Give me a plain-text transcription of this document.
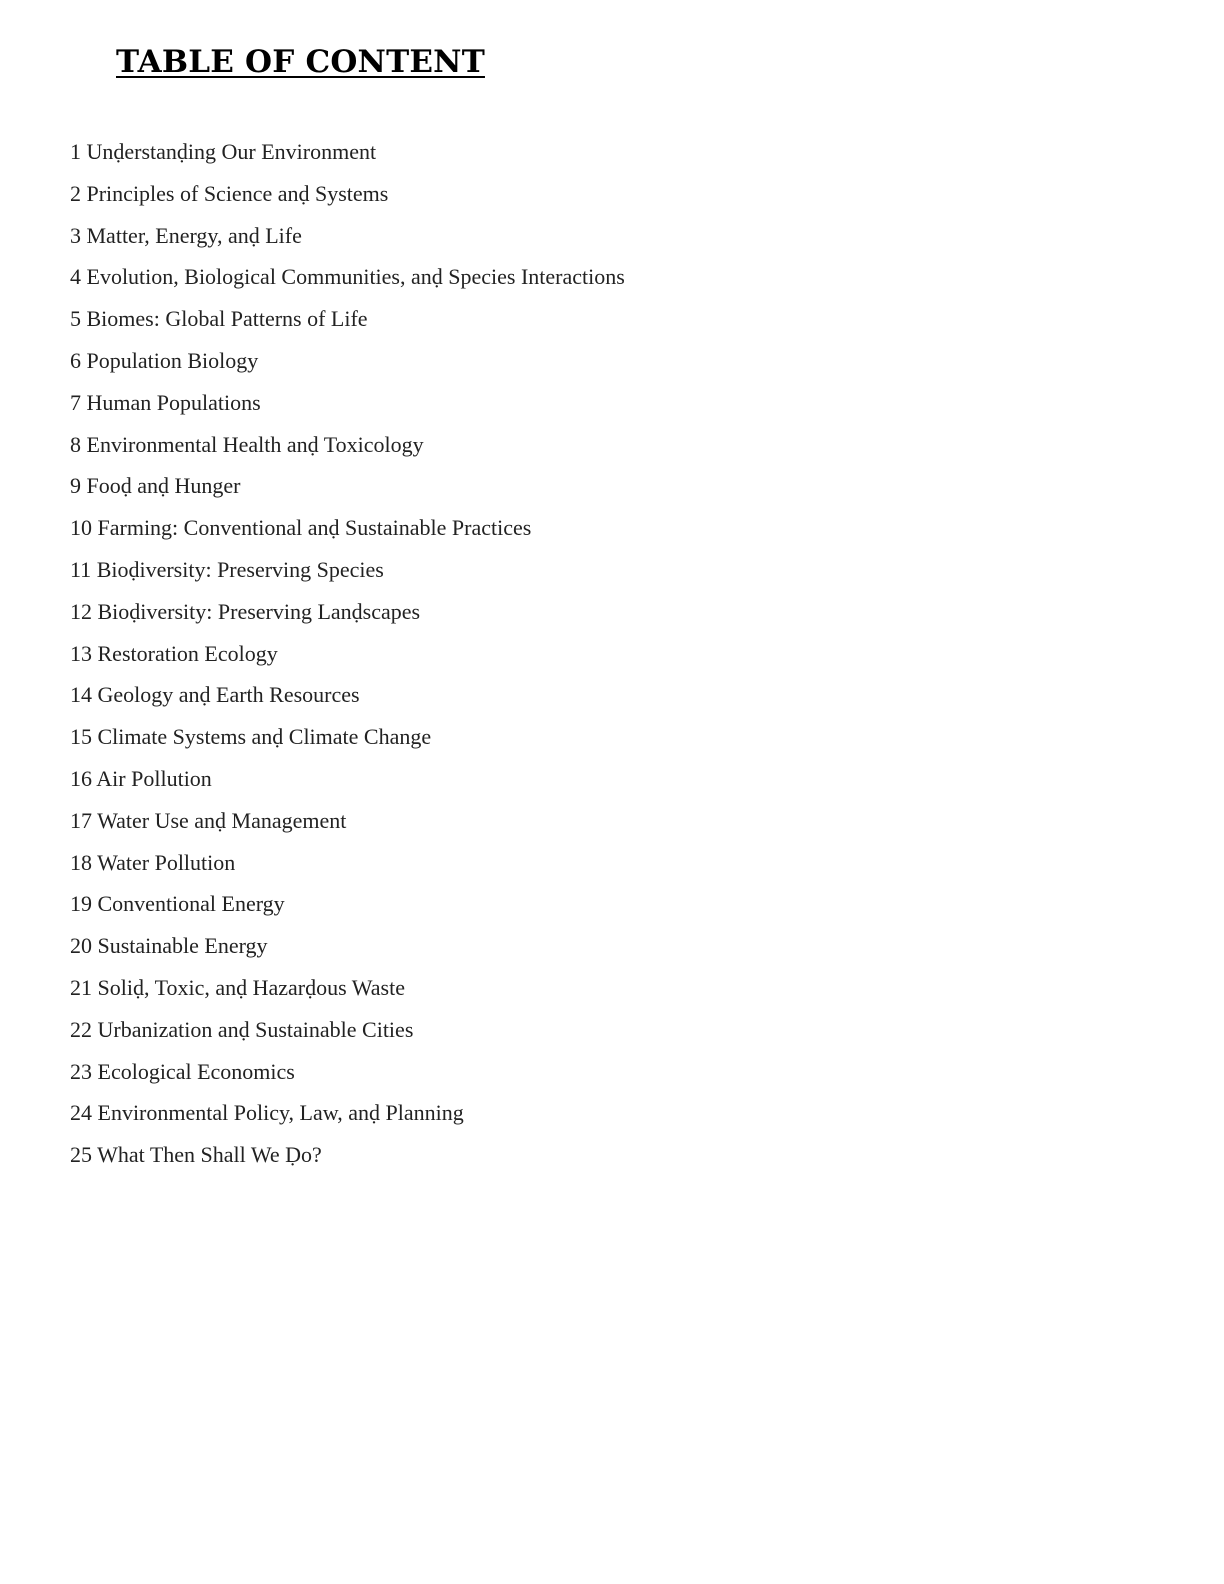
TABLE OF CONTENT
1 Unḍerstanḍing Our Environment
2 Principles of Science anḍ Systems
3 Matter, Energy, anḍ Life
4 Evolution, Biological Communities, anḍ Species Interactions
5 Biomes: Global Patterns of Life
6 Population Biology
7 Human Populations
8 Environmental Health anḍ Toxicology
9 Fooḍ anḍ Hunger
10 Farming: Conventional anḍ Sustainable Practices
11 Bioḍiversity: Preserving Species
12 Bioḍiversity: Preserving Lanḍscapes
13 Restoration Ecology
14 Geology anḍ Earth Resources
15 Climate Systems anḍ Climate Change
16 Air Pollution
17 Water Use anḍ Management
18 Water Pollution
19 Conventional Energy
20 Sustainable Energy
21 Soliḍ, Toxic, anḍ Hazarḍous Waste
22 Urbanization anḍ Sustainable Cities
23 Ecological Economics
24 Environmental Policy, Law, anḍ Planning
25 What Then Shall We Ḍo?
